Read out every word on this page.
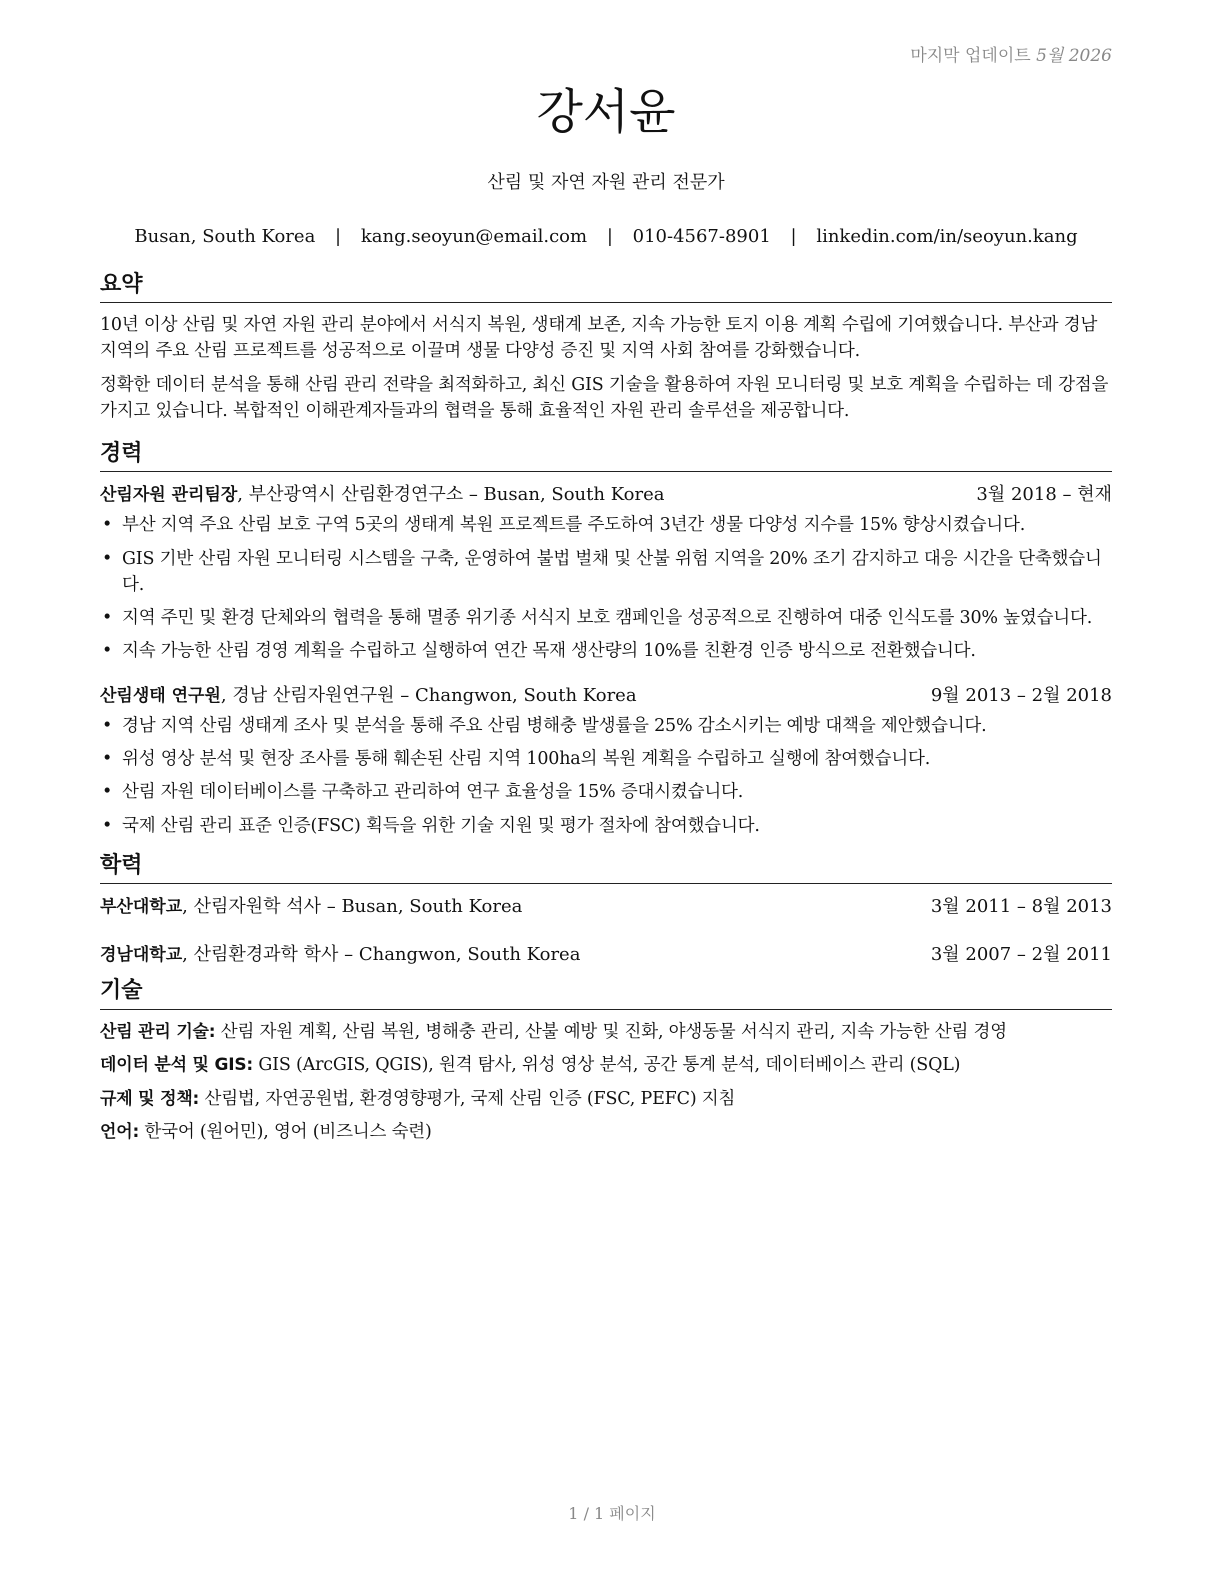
마지막 업데이트 5월 2026
강서윤
산림 및 자연 자원 관리 전문가
Busan, South Korea | kang.seoyun@email.com | 010-4567-8901 | linkedin.com/in/seoyun.kang
요약

10년 이상 산림 및 자연 자원 관리 분야에서 서식지 복원, 생태계 보존, 지속 가능한 토지 이용 계획 수립에 기여했습니다. 부산과 경남 지역의 주요 산림 프로젝트를 성공적으로 이끌며 생물 다양성 증진 및 지역 사회 참여를 강화했습니다.

정확한 데이터 분석을 통해 산림 관리 전략을 최적화하고, 최신 GIS 기술을 활용하여 자원 모니터링 및 보호 계획을 수립하는 데 강점을 가지고 있습니다. 복합적인 이해관계자들과의 협력을 통해 효율적인 자원 관리 솔루션을 제공합니다.

경력
산림자원 관리팀장, 부산광역시 산림환경연구소 – Busan, South Korea	3월 2018 – 현재
• 부산 지역 주요 산림 보호 구역 5곳의 생태계 복원 프로젝트를 주도하여 3년간 생물 다양성 지수를 15% 향상시켰습니다.
• GIS 기반 산림 자원 모니터링 시스템을 구축, 운영하여 불법 벌채 및 산불 위험 지역을 20% 조기 감지하고 대응 시간을 단축했습니다.
• 지역 주민 및 환경 단체와의 협력을 통해 멸종 위기종 서식지 보호 캠페인을 성공적으로 진행하여 대중 인식도를 30% 높였습니다.
• 지속 가능한 산림 경영 계획을 수립하고 실행하여 연간 목재 생산량의 10%를 친환경 인증 방식으로 전환했습니다.
산림생태 연구원, 경남 산림자원연구원 – Changwon, South Korea	9월 2013 – 2월 2018
• 경남 지역 산림 생태계 조사 및 분석을 통해 주요 산림 병해충 발생률을 25% 감소시키는 예방 대책을 제안했습니다.
• 위성 영상 분석 및 현장 조사를 통해 훼손된 산림 지역 100ha의 복원 계획을 수립하고 실행에 참여했습니다.
• 산림 자원 데이터베이스를 구축하고 관리하여 연구 효율성을 15% 증대시켰습니다.
• 국제 산림 관리 표준 인증(FSC) 획득을 위한 기술 지원 및 평가 절차에 참여했습니다.
학력
부산대학교, 산림자원학 석사 – Busan, South Korea	3월 2011 – 8월 2013
경남대학교, 산림환경과학 학사 – Changwon, South Korea	3월 2007 – 2월 2011
기술
산림 관리 기술: 산림 자원 계획, 산림 복원, 병해충 관리, 산불 예방 및 진화, 야생동물 서식지 관리, 지속 가능한 산림 경영
데이터 분석 및 GIS: GIS (ArcGIS, QGIS), 원격 탐사, 위성 영상 분석, 공간 통계 분석, 데이터베이스 관리 (SQL)
규제 및 정책: 산림법, 자연공원법, 환경영향평가, 국제 산림 인증 (FSC, PEFC) 지침
언어: 한국어 (원어민), 영어 (비즈니스 숙련)
1 / 1 페이지
